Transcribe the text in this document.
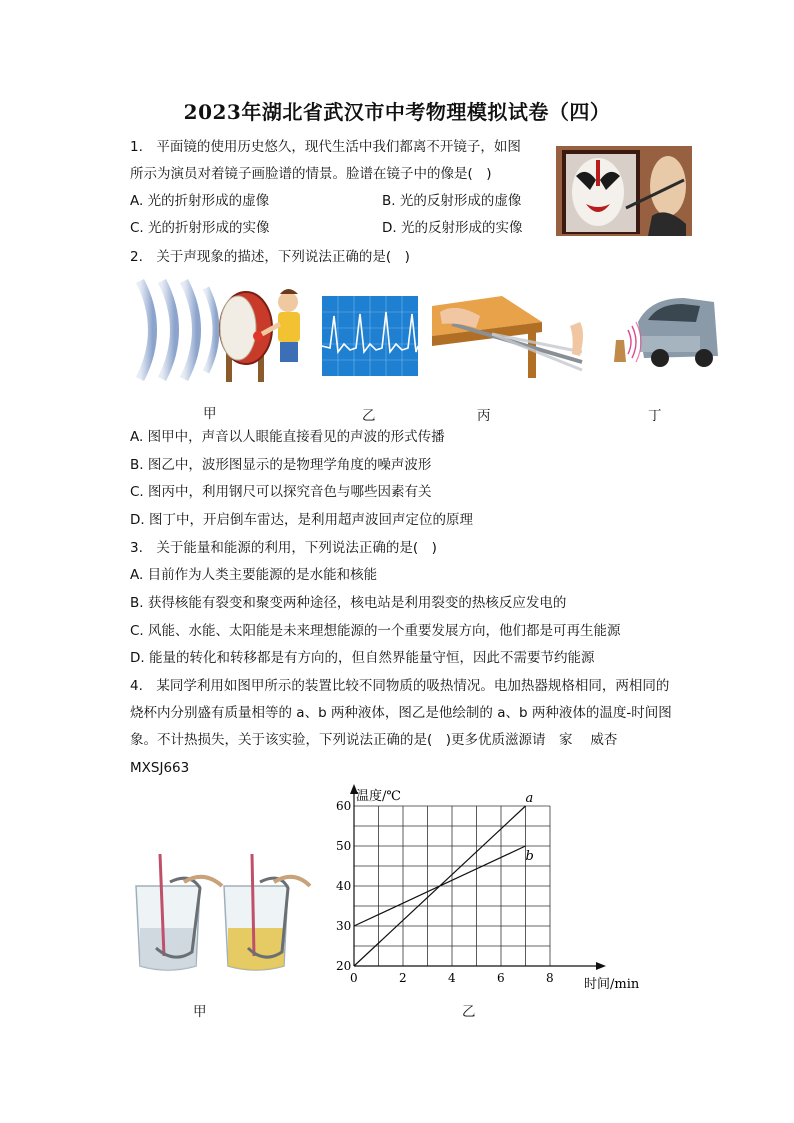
2023年湖北省武汉市中考物理模拟试卷（四）
1.　平面镜的使用历史悠久，现代生活中我们都离不开镜子，如图
所示为演员对着镜子画脸谱的情景。脸谱在镜子中的像是(　)
A. 光的折射形成的虚像	B. 光的反射形成的虚像
C. 光的折射形成的实像	D. 光的反射形成的实像
2.　关于声现象的描述，下列说法正确的是(　)
甲	乙	丙	丁
A. 图甲中，声音以人眼能直接看见的声波的形式传播
B. 图乙中，波形图显示的是物理学角度的噪声波形
C. 图丙中，利用钢尺可以探究音色与哪些因素有关
D. 图丁中，开启倒车雷达，是利用超声波回声定位的原理
3.　关于能量和能源的利用，下列说法正确的是(　)
A. 目前作为人类主要能源的是水能和核能
B. 获得核能有裂变和聚变两种途径，核电站是利用裂变的热核反应发电的
C. 风能、水能、太阳能是未来理想能源的一个重要发展方向，他们都是可再生能源
D. 能量的转化和转移都是有方向的，但自然界能量守恒，因此不需要节约能源
4.　某同学利用如图甲所示的装置比较不同物质的吸热情况。电加热器规格相同，两相同的
烧杯内分别盛有质量相等的 a、b 两种液体，图乙是他绘制的 a、b 两种液体的温度-时间图
象。不计热损失，关于该实验，下列说法正确的是(　)更多优质滋源请　家　 威杏
MXSJ663
甲
0	2	4	6	8
20
30
40
50
60	a
b
温度/℃
时间/min
乙
